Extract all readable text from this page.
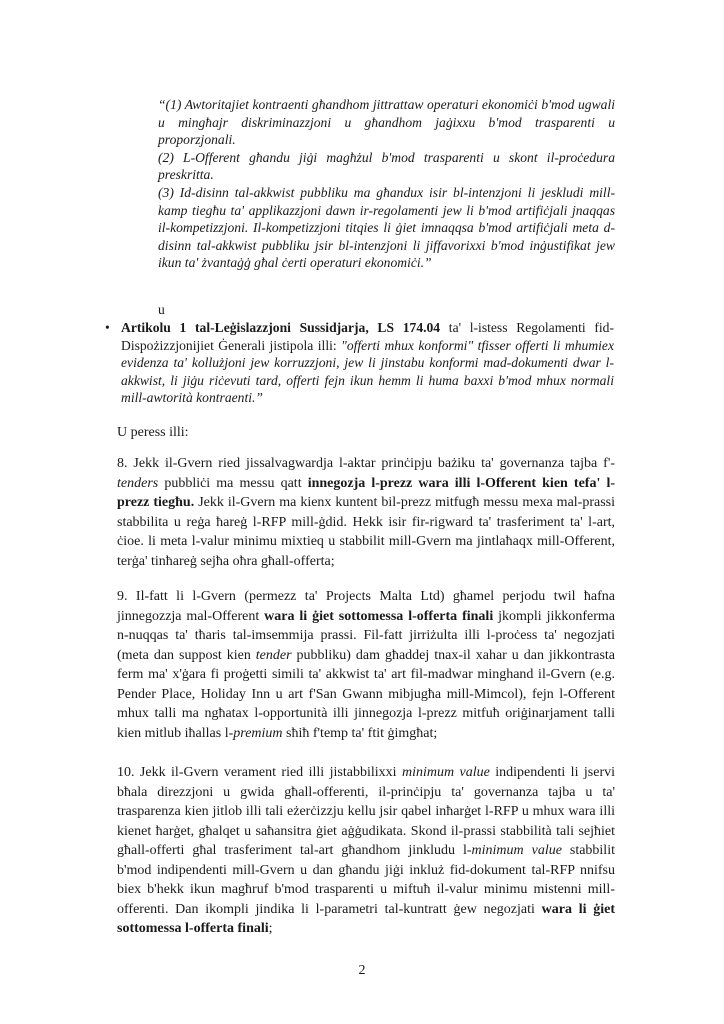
“(1) Awtoritajiet kontraenti għandhom jittrattaw operaturi ekonomiċi b'mod ugwali u mingħajr diskriminazzjoni u għandhom jaġixxu b'mod trasparenti u proporzjonali.

(2) L-Offerent għandu jiġi magħżul b'mod trasparenti u skont il-proċedura preskritta.

(3) Id-disinn tal-akkwist pubbliku ma għandux isir bl-intenzjoni li jeskludi mill-kamp tiegħu ta' applikazzjoni dawn ir-regolamenti jew li b'mod artifiċjali jnaqqas il-kompetizzjoni. Il-kompetizzjoni titqies li ġiet imnaqqsa b'mod artifiċjali meta d-disinn tal-akkwist pubbliku jsir bl-intenzjoni li jiffavorixxi b'mod inġustifikat jew ikun ta' żvantaġġ għal ċerti operaturi ekonomiċi.”

u
• Artikolu 1 tal-Leġislazzjoni Sussidjarja, LS 174.04 ta' l-istess Regolamenti fid-Dispożizzjonijiet Ġenerali jistipola illi: "offerti mhux konformi" tfisser offerti li mhumiex evidenza ta' kollużjoni jew korruzzjoni, jew li jinstabu konformi mad-dokumenti dwar l-akkwist, li jiġu riċevuti tard, offerti fejn ikun hemm li huma baxxi b'mod mhux normali mill-awtorità kontraenti.”
U peress illi:

8. Jekk il-Gvern ried jissalvagwardja l-aktar prinċipju bażiku ta' governanza tajba f'-tenders pubbliċi ma messu qatt innegozja l-prezz wara illi l-Offerent kien tefa' l-prezz tiegħu. Jekk il-Gvern ma kienx kuntent bil-prezz mitfugħ messu mexa mal-prassi stabbilita u reġa ħareġ l-RFP mill-ġdid. Hekk isir fir-rigward ta' trasferiment ta' l-art, ċioe. li meta l-valur minimu mixtieq u stabbilit mill-Gvern ma jintlaħaqx mill-Offerent, terġa' tinħareġ sejħa oħra għall-offerta;

9. Il-fatt li l-Gvern (permezz ta' Projects Malta Ltd) għamel perjodu twil ħafna jinnegozzja mal-Offerent wara li ġiet sottomessa l-offerta finali jkompli jikkonferma n-nuqqas ta' tħaris tal-imsemmija prassi. Fil-fatt jirriżulta illi l-proċess ta' negozjati (meta dan suppost kien tender pubbliku) dam għaddej tnax-il xahar u dan jikkontrasta ferm ma' x'ġara fi proġetti simili ta' akkwist ta' art fil-madwar minghand il-Gvern (e.g. Pender Place, Holiday Inn u art f'San Gwann mibjugħa mill-Mimcol), fejn l-Offerent mhux talli ma ngħatax l-opportunità illi jinnegozja l-prezz mitfuħ oriġinarjament talli kien mitlub iħallas l-premium sħiħ f'temp ta' ftit ġimgħat;

10. Jekk il-Gvern verament ried illi jistabbilixxi minimum value indipendenti li jservi bħala direzzjoni u gwida għall-offerenti, il-prinċipju ta' governanza tajba u ta' trasparenza kien jitlob illi tali eżerċizzju kellu jsir qabel inħarġet l-RFP u mhux wara illi kienet ħarġet, għalqet u saħansitra ġiet aġġudikata. Skond il-prassi stabbilità tali sejħiet għall-offerti għal trasferiment tal-art għandhom jinkludu l-minimum value stabbilit b'mod indipendenti mill-Gvern u dan għandu jiġi inkluż fid-dokument tal-RFP nnifsu biex b'hekk ikun magħruf b'mod trasparenti u miftuħ il-valur minimu mistenni mill-offerenti. Dan ikompli jindika li l-parametri tal-kuntratt ġew negozjati wara li ġiet sottomessa l-offerta finali;

2
